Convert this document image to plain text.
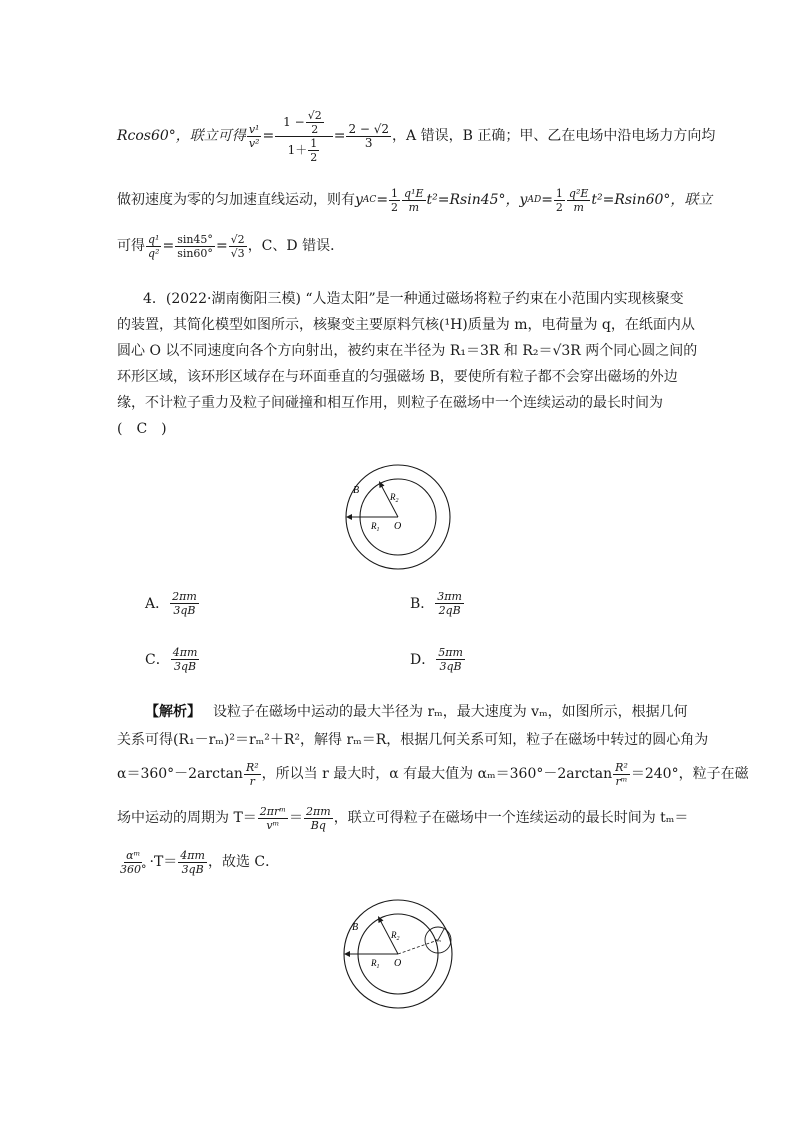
Rcos60°，联立可得 $\frac{\text{v¹}}{\text{v²}} = \frac{1 - \frac{√2}{2}}{1+ \frac{1}{2}} = \frac{2 - √2}{3}$ ，A 错误，B 正确；甲、乙在电场中沿电场力方向均
做初速度为零的匀加速直线运动，则有 y AC = $\frac{1}{2} \frac{\text{q¹E}}{m} t^2=Rsin45^\circ$， y AD = $\frac{1}{2} \frac{\text{q²E}}{m} t^2=Rsin60^\circ$，联立
可得 $\frac{\text{q¹}}{\text{q²}} = \frac{\sin 45^\circ}{\sin 60^\circ} = \frac{√2}{√3}$ ，C、D 错误．
4．(2022·湖南衡阳三模) “人造太阳”是一种通过磁场将粒子约束在小范围内实现核聚变
的装置，其简化模型如图所示，核聚变主要原料氕核(¹H)质量为 m，电荷量为 q，在纸面内从
圆心 O 以不同速度向各个方向射出，被约束在半径为 R₁＝3R 和 R₂＝√3R 两个同心圆之间的
环形区域，该环形区域存在与环面垂直的匀强磁场 B，要使所有粒子都不会穿出磁场的外边
缘，不计粒子重力及粒子间碰撞和相互作用，则粒子在磁场中一个连续运动的最长时间为
(　C　)
B
$R_2$
$R_1$ O
A． $\frac{2\pi m}{3qB}$	B． $\frac{3\pi m}{2qB}$
C． $\frac{4\pi m}{3qB}$	D． $\frac{5\pi m}{3qB}$
【解析】 设粒子在磁场中运动的最大半径为 rₘ，最大速度为 vₘ，如图所示，根据几何
关系可得(R₁－rₘ)²＝rₘ²＋R²，解得 rₘ＝R，根据几何关系可知，粒子在磁场中转过的圆心角为
$\alpha=360^\circ-2\arctan \frac{\text{R²}}{r}$ ，所以当 r 最大时，α 有最大值为 $\alpha_m=360^\circ-2\arctan \frac{\text{R²}}{\text{rᵐ}} =240^\circ$，粒子在磁
场中运动的周期为 $T= \frac{\text{2πrᵐ}}{\text{vᵐ}} = \frac{2\pi m}{Bq}$ ，联立可得粒子在磁场中一个连续运动的最长时间为 tₘ＝
$\frac{\text{αᵐ}}{360^\circ} \cdot T= \frac{4\pi m}{3qB}$ ，故选 C．
B
$R_2$
$R_1$ O
rₘ
